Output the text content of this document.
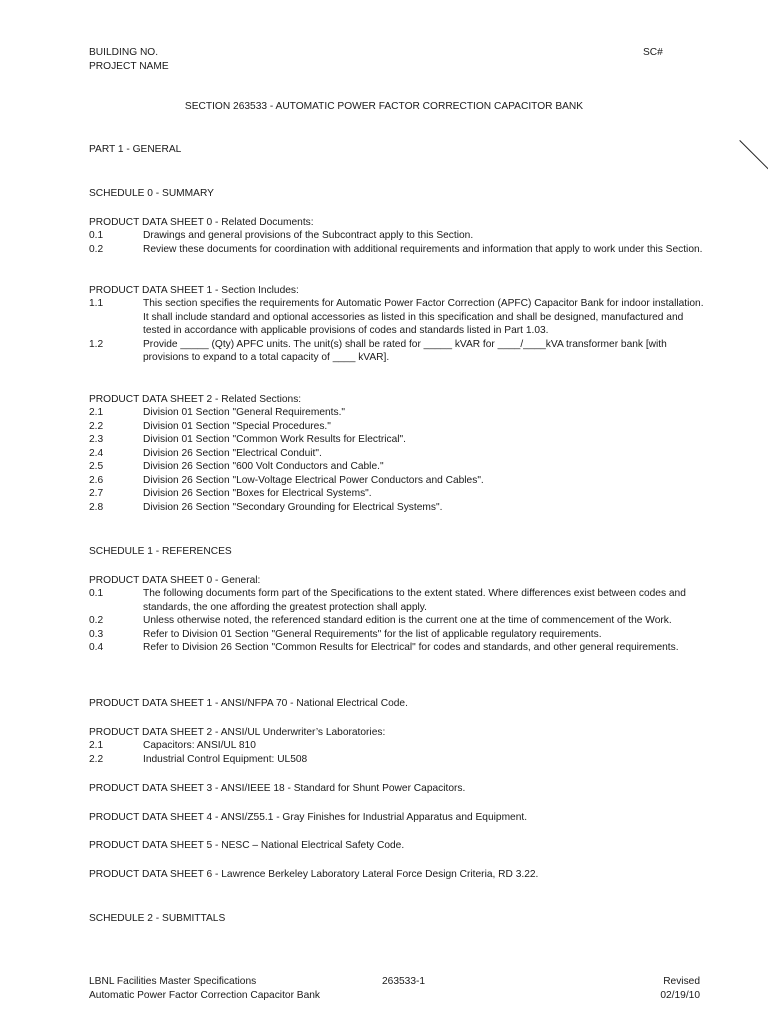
BUILDING NO.
PROJECT NAME
SC#
SECTION 263533 - AUTOMATIC POWER FACTOR CORRECTION CAPACITOR BANK
PART 1 - GENERAL
SCHEDULE 0 - SUMMARY
PRODUCT DATA SHEET 0 - Related Documents:
0.1	Drawings and general provisions of the Subcontract apply to this Section.
0.2	Review these documents for coordination with additional requirements and information that apply to work under this Section.
PRODUCT DATA SHEET 1 - Section Includes:
1.1	This section specifies the requirements for Automatic Power Factor Correction (APFC) Capacitor Bank for indoor installation. It shall include standard and optional accessories as listed in this specification and shall be designed, manufactured and tested in accordance with applicable provisions of codes and standards listed in Part 1.03.
1.2	Provide _____ (Qty) APFC units. The unit(s) shall be rated for _____ kVAR for ____/____kVA transformer bank [with provisions to expand to a total capacity of ____ kVAR].
PRODUCT DATA SHEET 2 - Related Sections:
2.1	Division 01 Section "General Requirements."
2.2	Division 01 Section "Special Procedures."
2.3	Division 01 Section "Common Work Results for Electrical".
2.4	Division 26 Section "Electrical Conduit".
2.5	Division 26 Section "600 Volt Conductors and Cable."
2.6	Division 26 Section "Low-Voltage Electrical Power Conductors and Cables".
2.7	Division 26 Section "Boxes for Electrical Systems".
2.8	Division 26 Section "Secondary Grounding for Electrical Systems".
SCHEDULE 1 - REFERENCES
PRODUCT DATA SHEET 0 - General:
0.1	The following documents form part of the Specifications to the extent stated. Where differences exist between codes and standards, the one affording the greatest protection shall apply.
0.2	Unless otherwise noted, the referenced standard edition is the current one at the time of commencement of the Work.
0.3	Refer to Division 01 Section "General Requirements" for the list of applicable regulatory requirements.
0.4	Refer to Division 26 Section "Common Results for Electrical" for codes and standards, and other general requirements.
PRODUCT DATA SHEET 1 - ANSI/NFPA 70 - National Electrical Code.
PRODUCT DATA SHEET 2 - ANSI/UL Underwriter’s Laboratories:
2.1	Capacitors: ANSI/UL 810
2.2	Industrial Control Equipment: UL508
PRODUCT DATA SHEET 3 - ANSI/IEEE 18 - Standard for Shunt Power Capacitors.
PRODUCT DATA SHEET 4 - ANSI/Z55.1 - Gray Finishes for Industrial Apparatus and Equipment.
PRODUCT DATA SHEET 5 - NESC – National Electrical Safety Code.
PRODUCT DATA SHEET 6 - Lawrence Berkeley Laboratory Lateral Force Design Criteria, RD 3.22.
SCHEDULE 2 - SUBMITTALS
LBNL Facilities Master Specifications
Automatic Power Factor Correction Capacitor Bank
263533-1	Revised
02/19/10
